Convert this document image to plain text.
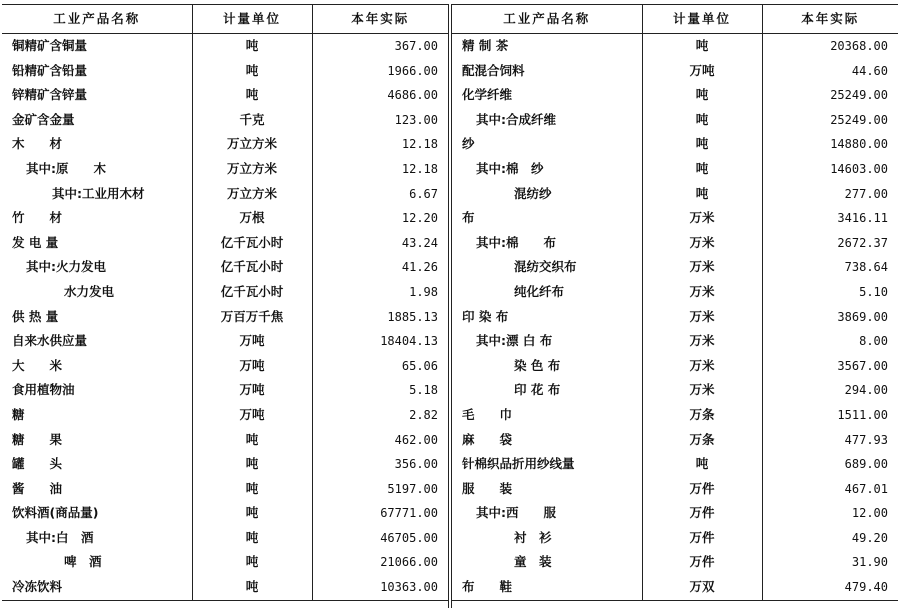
工业产品名称	计量单位	本年实际
铜精矿含铜量	吨	367.00
铅精矿含铅量	吨	1966.00
锌精矿含锌量	吨	4686.00
金矿含金量	千克	123.00
木　　材	万立方米	12.18
其中:原　　木	万立方米	12.18
其中:工业用木材	万立方米	6.67
竹　　材	万根	12.20
发 电 量	亿千瓦小时	43.24
其中:火力发电	亿千瓦小时	41.26
水力发电	亿千瓦小时	1.98
供 热 量	万百万千焦	1885.13
自来水供应量	万吨	18404.13
大　　米	万吨	65.06
食用植物油	万吨	5.18
糖	万吨	2.82
糖　　果	吨	462.00
罐　　头	吨	356.00
酱　　油	吨	5197.00
饮料酒(商品量)	吨	67771.00
其中:白　酒	吨	46705.00
啤　酒	吨	21066.00
冷冻饮料	吨	10363.00
工业产品名称	计量单位	本年实际
精 制 茶	吨	20368.00
配混合饲料	万吨	44.60
化学纤维	吨	25249.00
其中:合成纤维	吨	25249.00
纱	吨	14880.00
其中:棉　纱	吨	14603.00
混纺纱	吨	277.00
布	万米	3416.11
其中:棉　　布	万米	2672.37
混纺交织布	万米	738.64
纯化纤布	万米	5.10
印 染 布	万米	3869.00
其中:漂 白 布	万米	8.00
染 色 布	万米	3567.00
印 花 布	万米	294.00
毛　　巾	万条	1511.00
麻　　袋	万条	477.93
针棉织品折用纱线量	吨	689.00
服　　装	万件	467.01
其中:西　　服	万件	12.00
衬　衫	万件	49.20
童　装	万件	31.90
布　　鞋	万双	479.40
